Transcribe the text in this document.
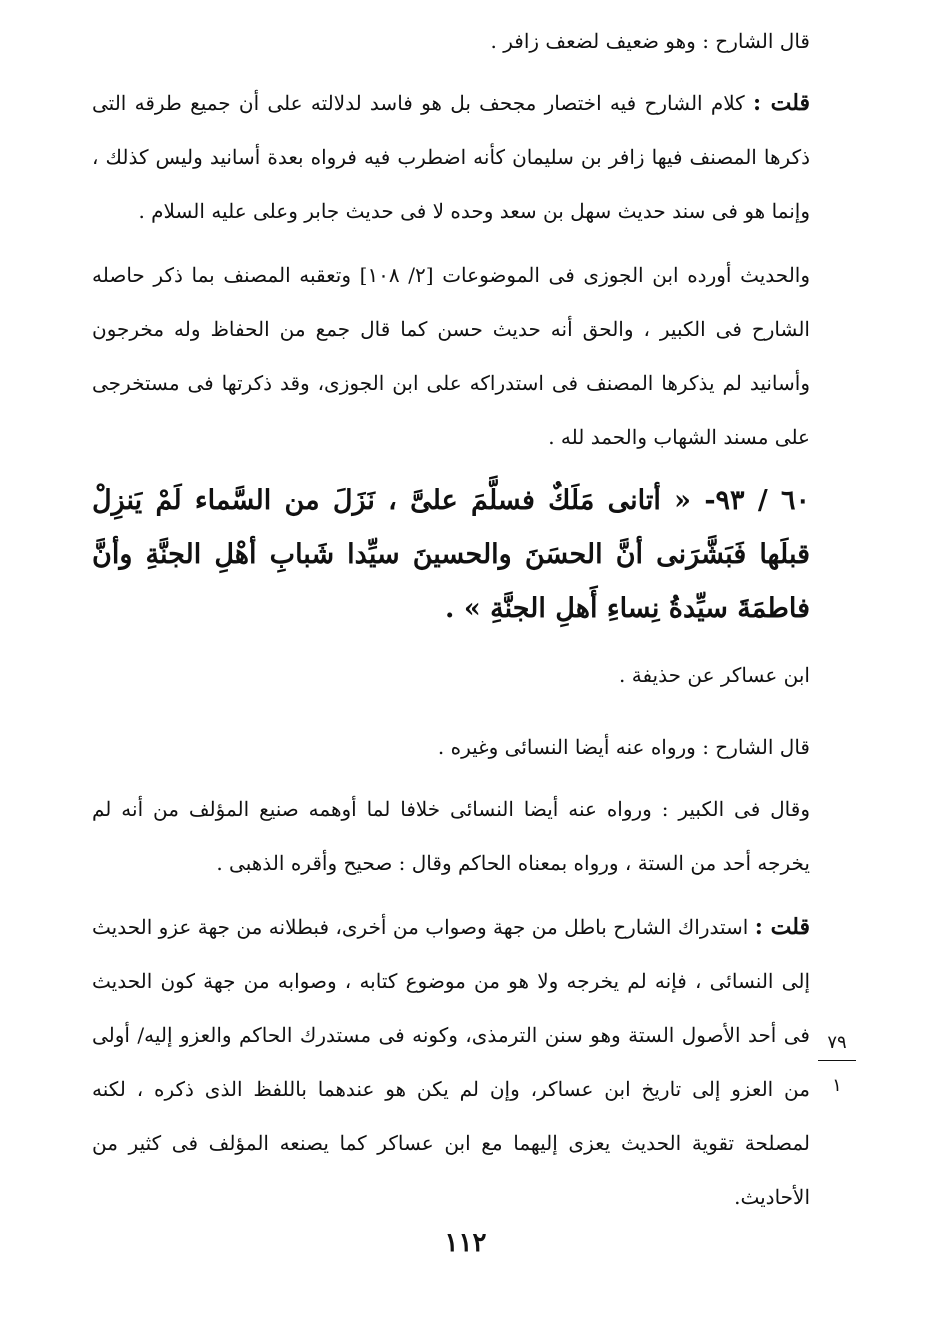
قال الشارح : وهو ضعيف لضعف زافر .

قلت : كلام الشارح فيه اختصار مجحف بل هو فاسد لدلالته على أن جميع طرقه التى ذكرها المصنف فيها زافر بن سليمان كأنه اضطرب فيه فرواه بعدة أسانيد وليس كذلك ، وإنما هو فى سند حديث سهل بن سعد وحده لا فى حديث جابر وعلى عليه السلام .

والحديث أورده ابن الجوزى فى الموضوعات [٢/ ١٠٨] وتعقبه المصنف بما ذكر حاصله الشارح فى الكبير ، والحق أنه حديث حسن كما قال جمع من الحفاظ وله مخرجون وأسانيد لم يذكرها المصنف فى استدراكه على ابن الجوزى، وقد ذكرتها فى مستخرجى على مسند الشهاب والحمد لله .

٦٠ / ٩٣- « أتانى مَلَكٌ فسلَّمَ علىَّ ، نَزَلَ من السَّماء لَمْ يَنزِلْ قبلَها فَبَشَّرَنى أنَّ الحسَنَ والحسينَ سيِّدا شَبابِ أهْلِ الجنَّةِ وأنَّ فاطمَةَ سيِّدةُ نِساءِ أَهلِ الجنَّةِ » .

ابن عساكر عن حذيفة .

قال الشارح : ورواه عنه أيضا النسائى وغيره .

وقال فى الكبير : ورواه عنه أيضا النسائى خلافا لما أوهمه صنيع المؤلف من أنه لم يخرجه أحد من الستة ، ورواه بمعناه الحاكم وقال : صحيح وأقره الذهبى .

قلت : استدراك الشارح باطل من جهة وصواب من أخرى، فبطلانه من جهة عزو الحديث إلى النسائى ، فإنه لم يخرجه ولا هو من موضوع كتابه ، وصوابه من جهة كون الحديث فى أحد الأصول الستة وهو سنن الترمذى، وكونه فى مستدرك الحاكم والعزو إليه/ أولى من العزو إلى تاريخ ابن عساكر، وإن لم يكن هو عندهما باللفظ الذى ذكره ، لكنه لمصلحة تقوية الحديث يعزى إليهما مع ابن عساكر كما يصنعه المؤلف فى كثير من الأحاديث.

٧٩
١
١١٢
